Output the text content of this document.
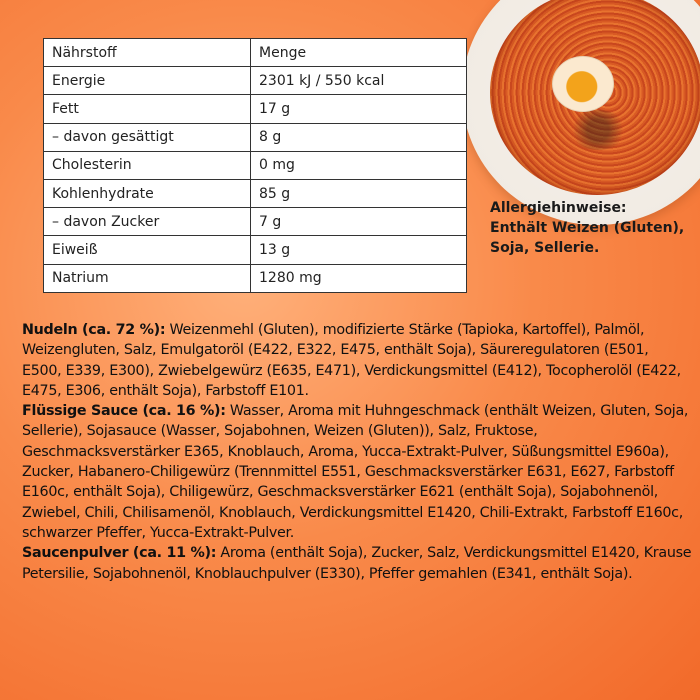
Nährstoff	Menge
Energie	2301 kJ / 550 kcal
Fett	17 g
– davon gesättigt	8 g
Cholesterin	0 mg
Kohlenhydrate	85 g
– davon Zucker	7 g
Eiweiß	13 g
Natrium	1280 mg
Allergiehinweise:
Enthält Weizen (Gluten), Soja, Sellerie.

Nudeln (ca. 72 %): Weizenmehl (Gluten), modifizierte Stärke (Tapioka, Kartoffel), Palmöl, Weizengluten, Salz, Emulgatoröl (E422, E322, E475, enthält Soja), Säureregulatoren (E501, E500, E339, E300), Zwiebelgewürz (E635, E471), Verdickungsmittel (E412), Tocopherolöl (E422, E475, E306, enthält Soja), Farbstoff E101.

Flüssige Sauce (ca. 16 %): Wasser, Aroma mit Huhngeschmack (enthält Weizen, Gluten, Soja, Sellerie), Sojasauce (Wasser, Sojabohnen, Weizen (Gluten)), Salz, Fruktose, Geschmacksverstärker E365, Knoblauch, Aroma, Yucca-Extrakt-Pulver, Süßungsmittel E960a), Zucker, Habanero-Chiligewürz (Trennmittel E551, Geschmacksverstärker E631, E627, Farbstoff E160c, enthält Soja), Chiligewürz, Geschmacksverstärker E621 (enthält Soja), Sojabohnenöl, Zwiebel, Chili, Chilisamenöl, Knoblauch, Verdickungsmittel E1420, Chili-Extrakt, Farbstoff E160c, schwarzer Pfeffer, Yucca-Extrakt-Pulver.

Saucenpulver (ca. 11 %): Aroma (enthält Soja), Zucker, Salz, Verdickungsmittel E1420, Krause Petersilie, Sojabohnenöl, Knoblauchpulver (E330), Pfeffer gemahlen (E341, enthält Soja).
